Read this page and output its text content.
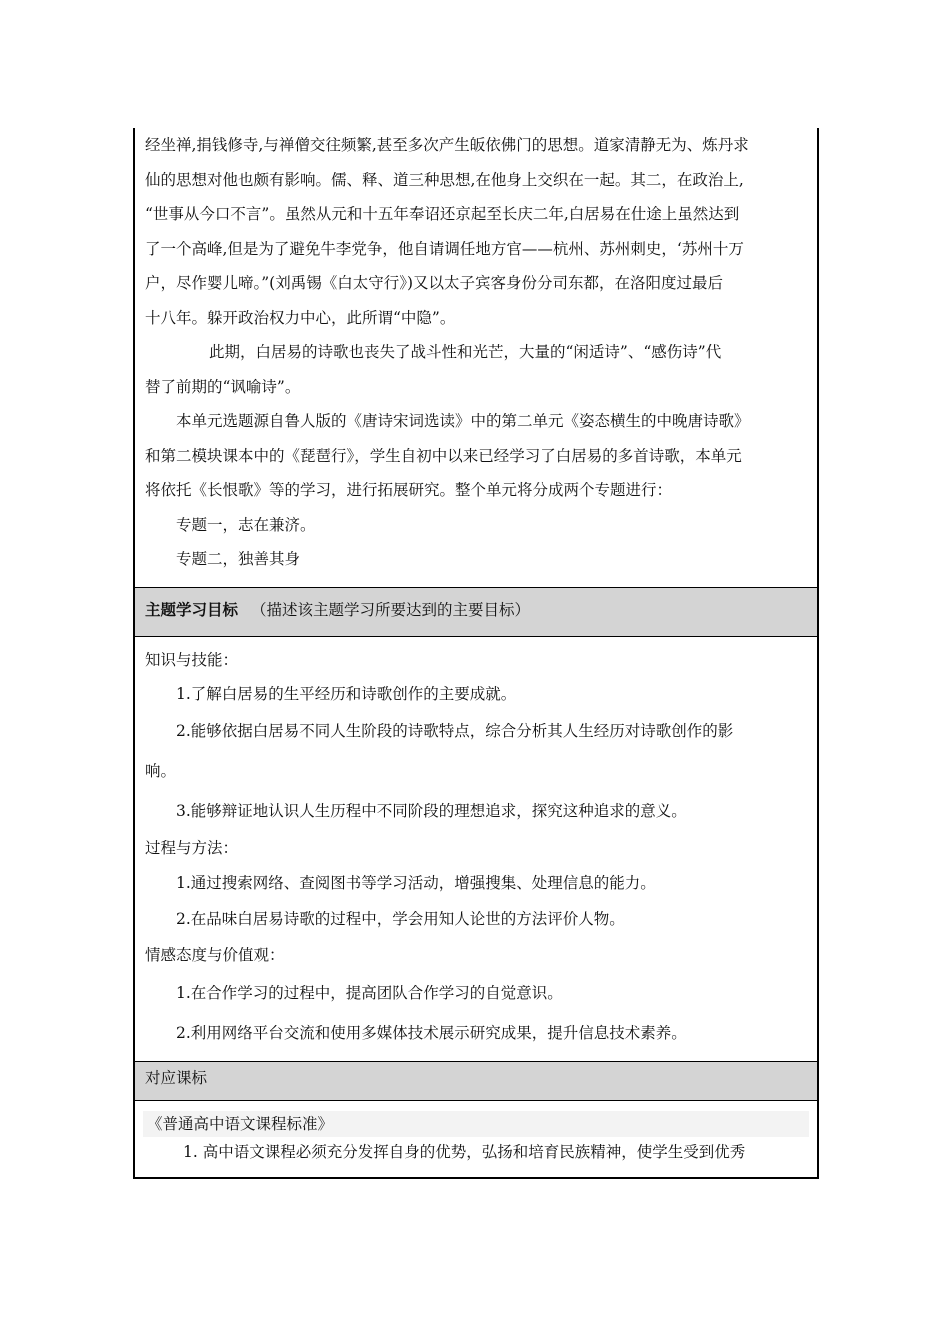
经坐禅,捐钱修寺,与禅僧交往频繁,甚至多次产生皈依佛门的思想。道家清静无为、炼丹求

仙的思想对他也颇有影响。儒、释、道三种思想,在他身上交织在一起。其二，在政治上,

“世事从今口不言”。虽然从元和十五年奉诏还京起至长庆二年,白居易在仕途上虽然达到

了一个高峰,但是为了避免牛李党争，他自请调任地方官——杭州、苏州刺史，‘苏州十万

户，尽作婴儿啼。”(刘禹锡《白太守行》)又以太子宾客身份分司东都，在洛阳度过最后

十八年。躲开政治权力中心，此所谓“中隐”。

此期，白居易的诗歌也丧失了战斗性和光芒，大量的“闲适诗”、“感伤诗”代

替了前期的“讽喻诗”。

本单元选题源自鲁人版的《唐诗宋词选读》中的第二单元《姿态横生的中晚唐诗歌》

和第二模块课本中的《琵琶行》，学生自初中以来已经学习了白居易的多首诗歌，本单元

将依托《长恨歌》等的学习，进行拓展研究。整个单元将分成两个专题进行：

专题一，志在兼济。

专题二，独善其身

主题学习目标 （描述该主题学习所要达到的主要目标）

知识与技能：

1.了解白居易的生平经历和诗歌创作的主要成就。

2.能够依据白居易不同人生阶段的诗歌特点，综合分析其人生经历对诗歌创作的影

响。

3.能够辩证地认识人生历程中不同阶段的理想追求，探究这种追求的意义。

过程与方法：

1.通过搜索网络、查阅图书等学习活动，增强搜集、处理信息的能力。

2.在品味白居易诗歌的过程中，学会用知人论世的方法评价人物。

情感态度与价值观：

1.在合作学习的过程中，提高团队合作学习的自觉意识。

2.利用网络平台交流和使用多媒体技术展示研究成果，提升信息技术素养。

对应课标
《普通高中语文课程标准》
1. 高中语文课程必须充分发挥自身的优势，弘扬和培育民族精神，使学生受到优秀
